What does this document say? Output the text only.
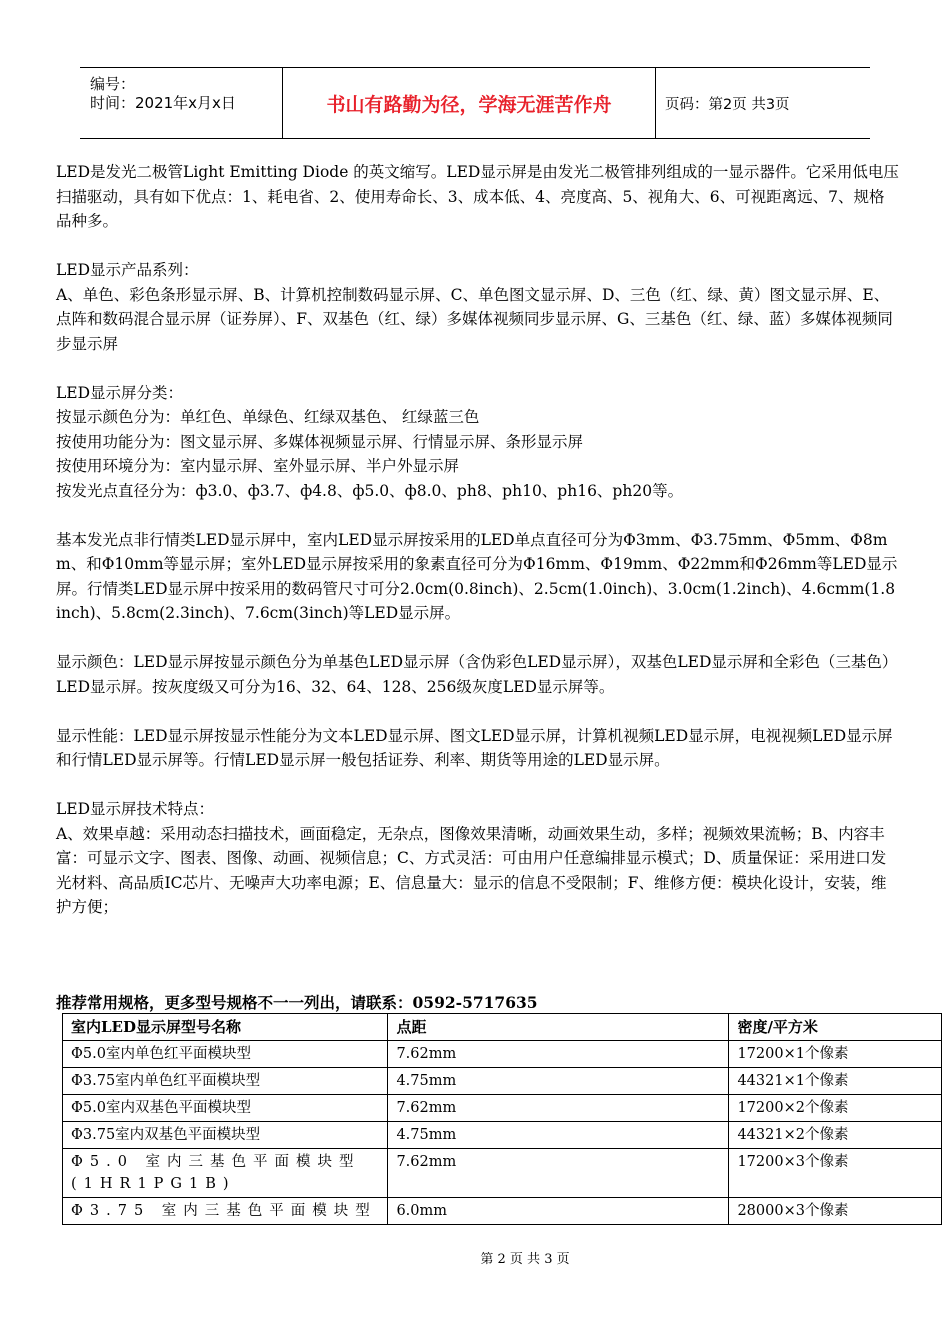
编号：
时间：2021年x月x日	书山有路勤为径，学海无涯苦作舟	页码：第2页 共3页

LED是发光二极管Light Emitting Diode 的英文缩写。LED显示屏是由发光二极管排列组成的一显示器件。它采用低电压扫描驱动，具有如下优点：1、耗电省、2、使用寿命长、3、成本低、4、亮度高、5、视角大、6、可视距离远、7、规格品种多。

LED显示产品系列：

A、单色、彩色条形显示屏、B、计算机控制数码显示屏、C、单色图文显示屏、D、三色（红、绿、黄）图文显示屏、E、点阵和数码混合显示屏（证券屏）、F、双基色（红、绿）多媒体视频同步显示屏、G、三基色（红、绿、蓝）多媒体视频同步显示屏

LED显示屏分类：

按显示颜色分为：单红色、单绿色、红绿双基色、 红绿蓝三色

按使用功能分为：图文显示屏、多媒体视频显示屏、行情显示屏、条形显示屏

按使用环境分为：室内显示屏、室外显示屏、半户外显示屏

按发光点直径分为：ф3.0、ф3.7、ф4.8、ф5.0、ф8.0、ph8、ph10、ph16、ph20等。

基本发光点非行情类LED显示屏中，室内LED显示屏按采用的LED单点直径可分为Φ3mm、Φ3.75mm、Φ5mm、Φ8mm、和Φ10mm等显示屏；室外LED显示屏按采用的象素直径可分为Φ16mm、Φ19mm、Φ22mm和Φ26mm等LED显示屏。行情类LED显示屏中按采用的数码管尺寸可分2.0cm(0.8inch)、2.5cm(1.0inch)、3.0cm(1.2inch)、4.6cmm(1.8inch)、5.8cm(2.3inch)、7.6cm(3inch)等LED显示屏。

显示颜色：LED显示屏按显示颜色分为单基色LED显示屏（含伪彩色LED显示屏），双基色LED显示屏和全彩色（三基色）LED显示屏。按灰度级又可分为16、32、64、128、256级灰度LED显示屏等。

显示性能：LED显示屏按显示性能分为文本LED显示屏、图文LED显示屏，计算机视频LED显示屏，电视视频LED显示屏和行情LED显示屏等。行情LED显示屏一般包括证券、利率、期货等用途的LED显示屏。

LED显示屏技术特点：

A、效果卓越：采用动态扫描技术，画面稳定，无杂点，图像效果清晰，动画效果生动，多样；视频效果流畅；B、内容丰富：可显示文字、图表、图像、动画、视频信息；C、方式灵活：可由用户任意编排显示模式；D、质量保证：采用进口发光材料、高品质IC芯片、无噪声大功率电源；E、信息量大：显示的信息不受限制；F、维修方便：模块化设计，安装，维护方便；

推荐常用规格，更多型号规格不一一列出，请联系：0592-5717635
室内LED显示屏型号名称	点距	密度/平方米
Φ5.0室内单色红平面模块型	7.62mm	17200×1个像素
Φ3.75室内单色红平面模块型	4.75mm	44321×1个像素
Φ5.0室内双基色平面模块型	7.62mm	17200×2个像素
Φ3.75室内双基色平面模块型	4.75mm	44321×2个像素
Φ5.0 室内三基色平面模块型(1HR1PG1B)	7.62mm	17200×3个像素
Φ3.75 室内三基色平面模块型	6.0mm	28000×3个像素
第 2 页 共 3 页
